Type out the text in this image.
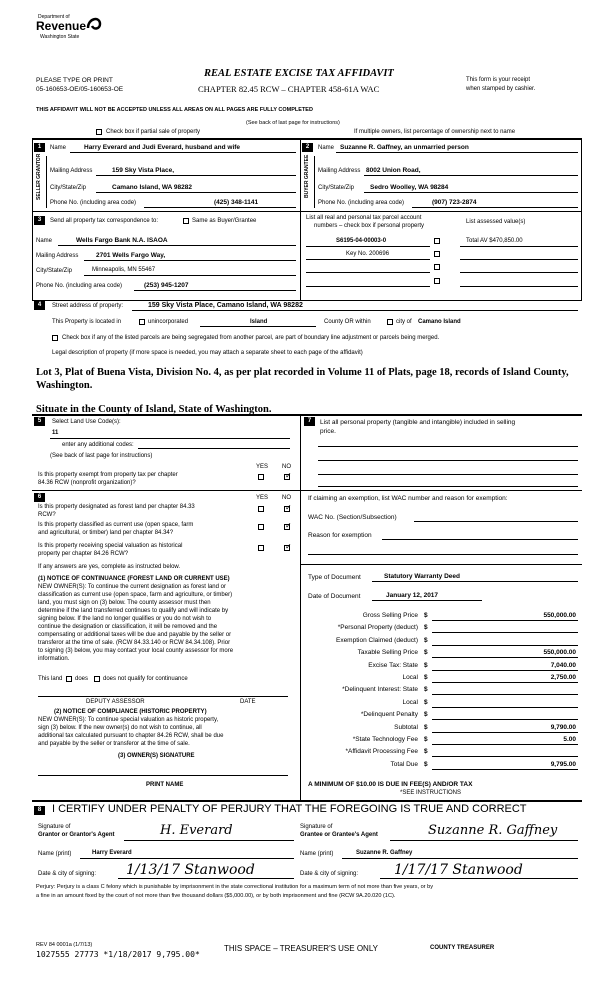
Department of
Revenue
Washington State
PLEASE TYPE OR PRINT
05-160653-OE/05-160653-OE
REAL ESTATE EXCISE TAX AFFIDAVIT
CHAPTER 82.45 RCW – CHAPTER 458-61A WAC
This form is your receipt
when stamped by cashier.
THIS AFFIDAVIT WILL NOT BE ACCEPTED UNLESS ALL AREAS ON ALL PAGES ARE FULLY COMPLETED
(See back of last page for instructions)
Check box if partial sale of property	If multiple owners, list percentage of ownership next to name
1	Name	Harry Everard and Judi Everard, husband and wife
SELLER GRANTOR Mailing Address	159 Sky Vista Place,
City/State/Zip	Camano Island, WA 98282
Phone No. (including area code)	(425) 348-1141
2	Name Suzanne R. Gaffney, an unmarried person
BUYER GRANTEE Mailing Address 8002 Union Road,
City/State/Zip Sedro Woolley, WA 98284
Phone No. (including area code)	(907) 723-2874
3	Send all property tax correspondence to:	Same as Buyer/Grantee
Name	Wells Fargo Bank N.A. ISAOA
Mailing Address	2701 Wells Fargo Way,
City/State/Zip	Minneapolis, MN 55467
Phone No. (including area code)	(253) 945-1207
List all real and personal tax parcel account
numbers – check box if personal property
List assessed value(s)
S6195-04-00003-0	Total AV $470,850.00
Key No. 200696
4	Street address of property:	159 Sky Vista Place, Camano Island, WA 98282
This Property is located in	unincorporated	Island	County OR within	city of Camano Island
Check box if any of the listed parcels are being segregated from another parcel, are part of boundary line adjustment or parcels being merged.
Legal description of property (if more space is needed, you may attach a separate sheet to each page of the affidavit)
Lot 3, Plat of Buena Vista, Division No. 4, as per plat recorded in Volume 11 of Plats, page 18, records of Island County, Washington.
Situate in the County of Island, State of Washington.
5	Select Land Use Code(s):
11
enter any additional codes:
(See back of last page for instructions)
YES NO
Is this property exempt from property tax per chapter
84.36 RCW (nonprofit organization)?
✓
7	List all personal property (tangible and intangible) included in selling
price.
6	YES NO
Is this property designated as forest land per chapter 84.33
RCW?
✓
Is this property classified as current use (open space, farm
and agricultural, or timber) land per chapter 84.34?
✓
Is this property receiving special valuation as historical
property per chapter 84.26 RCW?
✓
If any answers are yes, complete as instructed below.
(1) NOTICE OF CONTINUANCE (FOREST LAND OR CURRENT USE)
NEW OWNER(S): To continue the current designation as forest land or
classification as current use (open space, farm and agriculture, or timber)
land, you must sign on (3) below. The county assessor must then
determine if the land transferred continues to qualify and will indicate by
signing below. If the land no longer qualifies or you do not wish to
continue the designation or classification, it will be removed and the
compensating or additional taxes will be due and payable by the seller or
transferor at the time of sale. (RCW 84.33.140 or RCW 84.34.108). Prior
to signing (3) below, you may contact your local county assessor for more
information.
This land does does not qualify for continuance
DEPUTY ASSESSOR	DATE
(2) NOTICE OF COMPLIANCE (HISTORIC PROPERTY)
NEW OWNER(S): To continue special valuation as historic property,
sign (3) below. If the new owner(s) do not wish to continue, all
additional tax calculated pursuant to chapter 84.26 RCW, shall be due
and payable by the seller or transferor at the time of sale.
(3) OWNER(S) SIGNATURE
PRINT NAME
If claiming an exemption, list WAC number and reason for exemption:
WAC No. (Section/Subsection)
Reason for exemption
Type of Document	Statutory Warranty Deed
Date of Document	January 12, 2017
Gross Selling Price $	550,000.00
*Personal Property (deduct) $
Exemption Claimed (deduct) $
Taxable Selling Price $	550,000.00
Excise Tax: State $	7,040.00
Local $	2,750.00
*Delinquent Interest: State $
Local $
*Delinquent Penalty $
Subtotal $	9,790.00
*State Technology Fee $	5.00
*Affidavit Processing Fee $
Total Due $	9,795.00
A MINIMUM OF $10.00 IS DUE IN FEE(S) AND/OR TAX
*SEE INSTRUCTIONS
8 I CERTIFY UNDER PENALTY OF PERJURY THAT THE FOREGOING IS TRUE AND CORRECT
Signature of
Grantor or Grantor's Agent	H. Everard
Name (print)	Harry Everard
Date & city of signing: 1/13/17 Stanwood
Signature of
Grantee or Grantee's Agent	Suzanne R. Gaffney
Name (print)	Suzanne R. Gaffney
Date & city of signing:	1/17/17 Stanwood
Perjury: Perjury is a class C felony which is punishable by imprisonment in the state correctional institution for a maximum term of not more than five years, or by
a fine in an amount fixed by the court of not more than five thousand dollars ($5,000.00), or by both imprisonment and fine (RCW 9A.20.020 (1C).
REV 84 0001a (1/7/13)
1027555 27773 *1/18/2017 9,795.00*
THIS SPACE – TREASURER'S USE ONLY	COUNTY TREASURER
